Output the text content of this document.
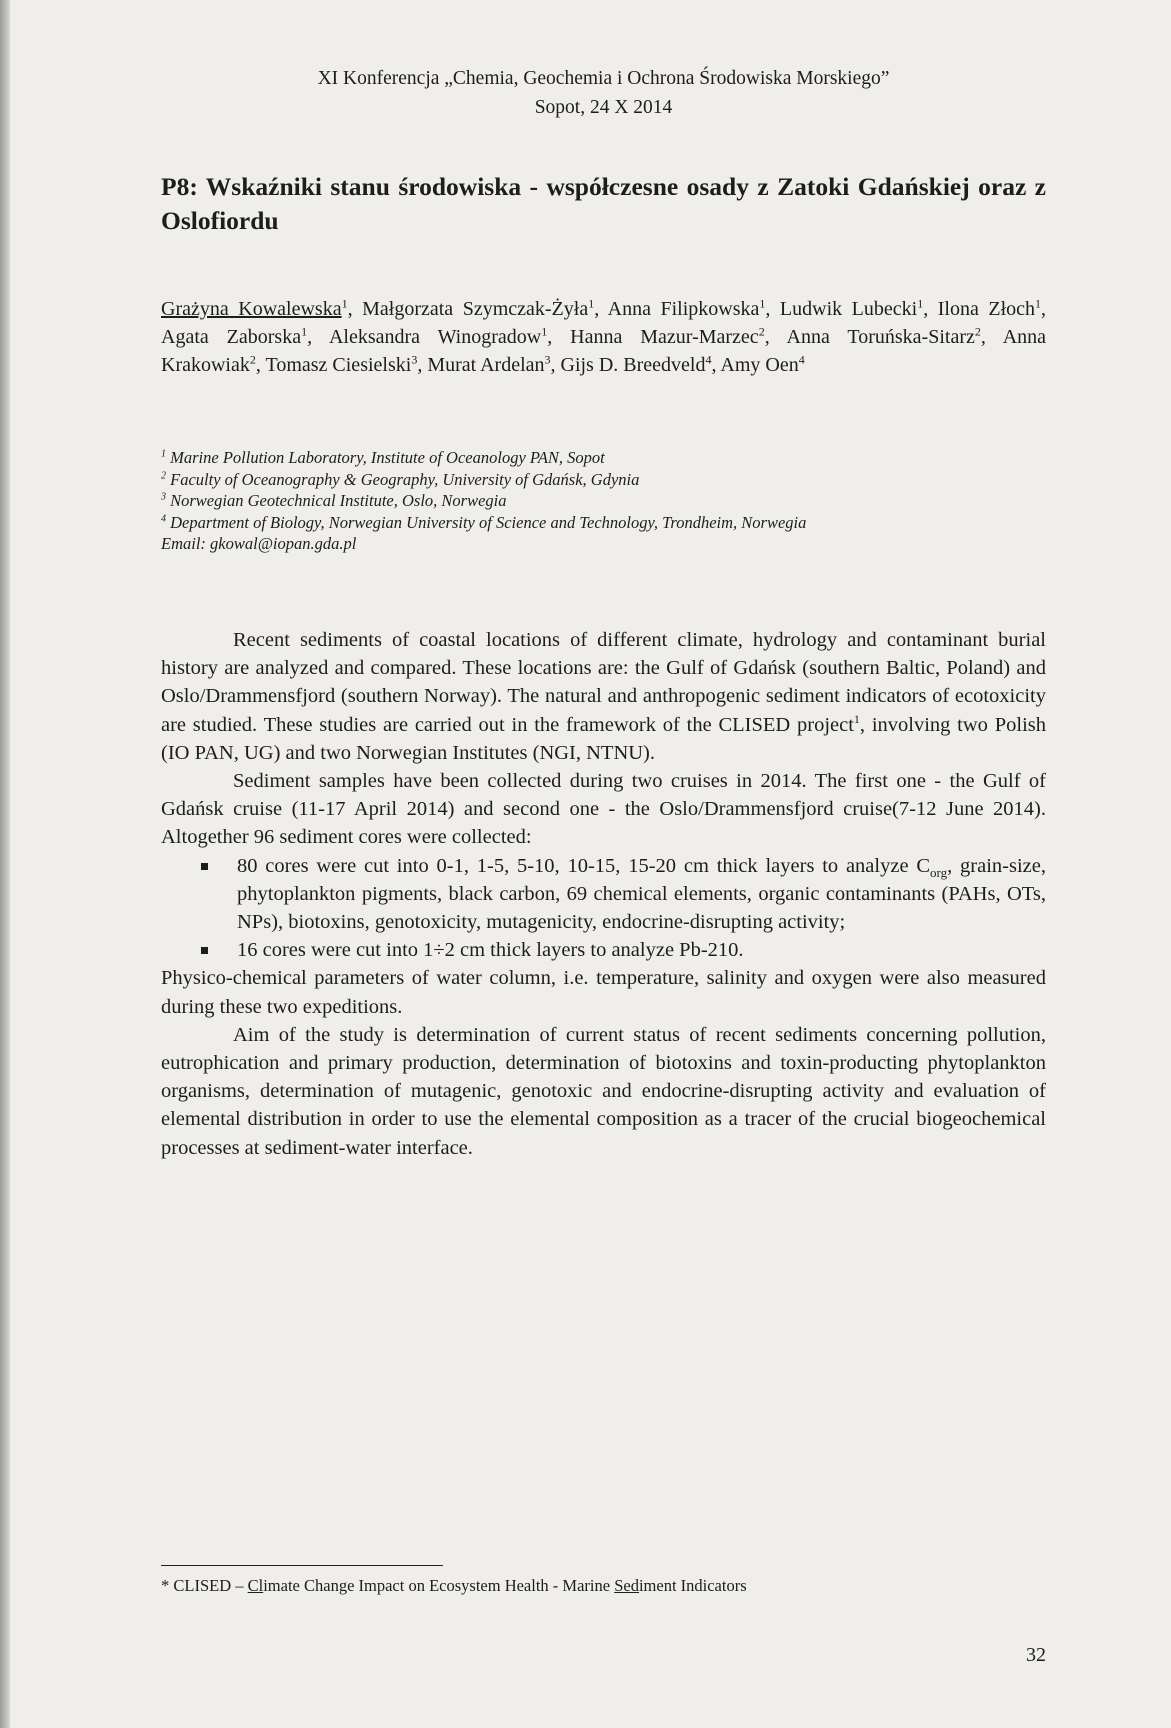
XI Konferencja „Chemia, Geochemia i Ochrona Środowiska Morskiego”
Sopot, 24 X 2014
P8: Wskaźniki stanu środowiska - współczesne osady z Zatoki Gdańskiej oraz z Oslofiordu
Grażyna Kowalewska$^1$, Małgorzata Szymczak-Żyła$^1$, Anna Filipkowska$^1$, Ludwik Lubecki$^1$, Ilona Złoch$^1$, Agata Zaborska$^1$, Aleksandra Winogradow$^1$, Hanna Mazur-Marzec$^2$, Anna Toruńska-Sitarz$^2$, Anna Krakowiak$^2$, Tomasz Ciesielski$^3$, Murat Ardelan$^3$, Gijs D. Breedveld$^4$, Amy Oen$^4$
$^1$ Marine Pollution Laboratory, Institute of Oceanology PAN, Sopot
$^2$ Faculty of Oceanography & Geography, University of Gdańsk, Gdynia
$^3$ Norwegian Geotechnical Institute, Oslo, Norwegia
$^4$ Department of Biology, Norwegian University of Science and Technology, Trondheim, Norwegia
Email: gkowal@iopan.gda.pl

Recent sediments of coastal locations of different climate, hydrology and contaminant burial history are analyzed and compared. These locations are: the Gulf of Gdańsk (southern Baltic, Poland) and Oslo/Drammensfjord (southern Norway). The natural and anthropogenic sediment indicators of ecotoxicity are studied. These studies are carried out in the framework of the CLISED project$^1$, involving two Polish (IO PAN, UG) and two Norwegian Institutes (NGI, NTNU).

Sediment samples have been collected during two cruises in 2014. The first one - the Gulf of Gdańsk cruise (11-17 April 2014) and second one - the Oslo/Drammensfjord cruise(7-12 June 2014). Altogether 96 sediment cores were collected:

80 cores were cut into 0-1, 1-5, 5-10, 10-15, 15-20 cm thick layers to analyze $C_{org}$, grain-size, phytoplankton pigments, black carbon, 69 chemical elements, organic contaminants (PAHs, OTs, NPs), biotoxins, genotoxicity, mutagenicity, endocrine-disrupting activity;
16 cores were cut into 1÷2 cm thick layers to analyze Pb-210.

Physico-chemical parameters of water column, i.e. temperature, salinity and oxygen were also measured during these two expeditions.

Aim of the study is determination of current status of recent sediments concerning pollution, eutrophication and primary production, determination of biotoxins and toxin-producting phytoplankton organisms, determination of mutagenic, genotoxic and endocrine-disrupting activity and evaluation of elemental distribution in order to use the elemental composition as a tracer of the crucial biogeochemical processes at sediment-water interface.

* CLISED – Climate Change Impact on Ecosystem Health - Marine Sediment Indicators
32
